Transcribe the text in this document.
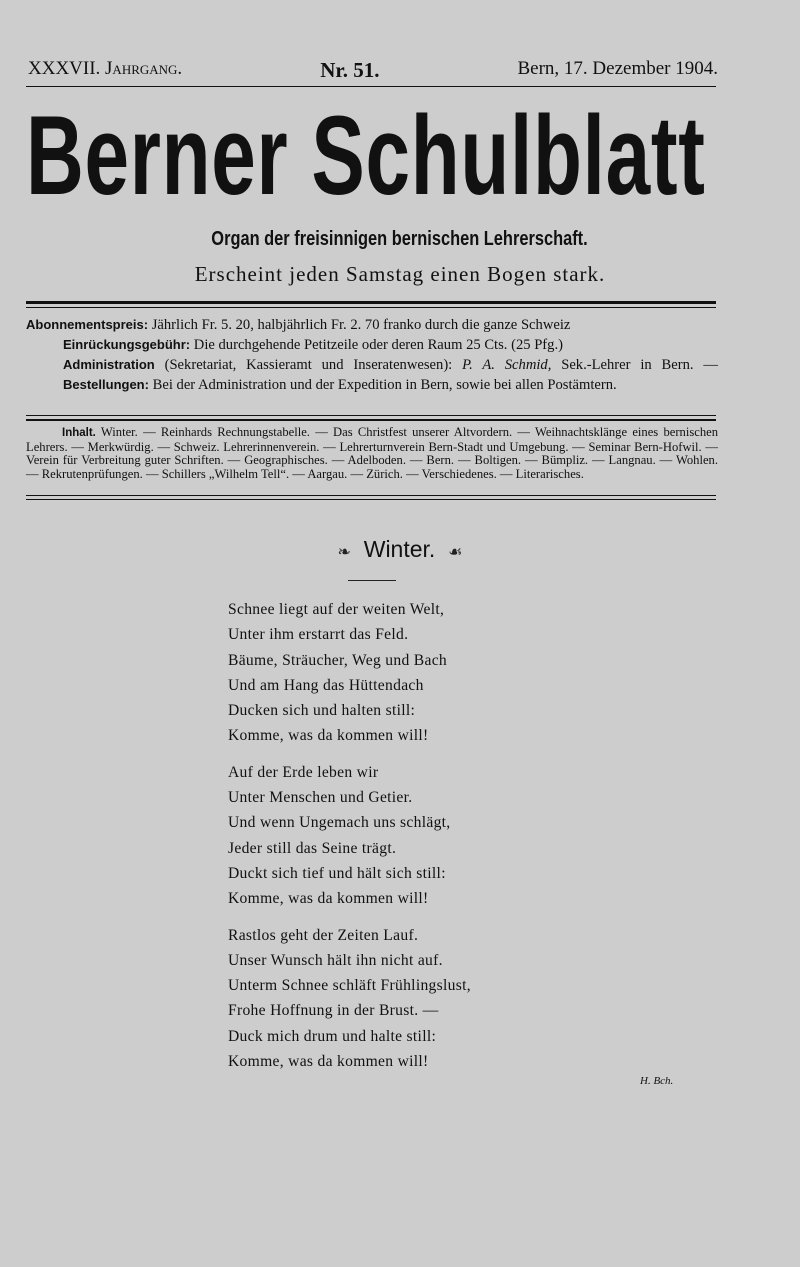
XXXVII. Jahrgang.	Nr. 51.	Bern, 17. Dezember 1904.
Berner Schulblatt
Organ der freisinnigen bernischen Lehrerschaft.
Erscheint jeden Samstag einen Bogen stark.

Abonnementspreis: Jährlich Fr. 5. 20, halbjährlich Fr. 2. 70 franko durch die ganze Schweiz

Einrückungsgebühr: Die durchgehende Petitzeile oder deren Raum 25 Cts. (25 Pfg.)

Administration (Sekretariat, Kassieramt und Inseratenwesen): P. A. Schmid, Sek.-Lehrer in Bern. — Bestellungen: Bei der Administration und der Expedition in Bern, sowie bei allen Postämtern.

Inhalt. Winter. — Reinhards Rechnungstabelle. — Das Christfest unserer Altvordern. — Weihnachtsklänge eines bernischen Lehrers. — Merkwürdig. — Schweiz. Lehrerinnenverein. — Lehrerturnverein Bern-Stadt und Umgebung. — Seminar Bern-Hofwil. — Verein für Verbreitung guter Schriften. — Geographisches. — Adelboden. — Bern. — Boltigen. — Bümpliz. — Langnau. — Wohlen. — Rekrutenprüfungen. — Schillers „Wilhelm Tell“. — Aargau. — Zürich. — Verschiedenes. — Literarisches.
❧ Winter. ☙
Schnee liegt auf der weiten Welt,
Unter ihm erstarrt das Feld.
Bäume, Sträucher, Weg und Bach
Und am Hang das Hüttendach
Ducken sich und halten still:
Komme, was da kommen will!
Auf der Erde leben wir
Unter Menschen und Getier.
Und wenn Ungemach uns schlägt,
Jeder still das Seine trägt.
Duckt sich tief und hält sich still:
Komme, was da kommen will!
Rastlos geht der Zeiten Lauf.
Unser Wunsch hält ihn nicht auf.
Unterm Schnee schläft Frühlingslust,
Frohe Hoffnung in der Brust. —
Duck mich drum und halte still:
Komme, was da kommen will!
H. Bch.
